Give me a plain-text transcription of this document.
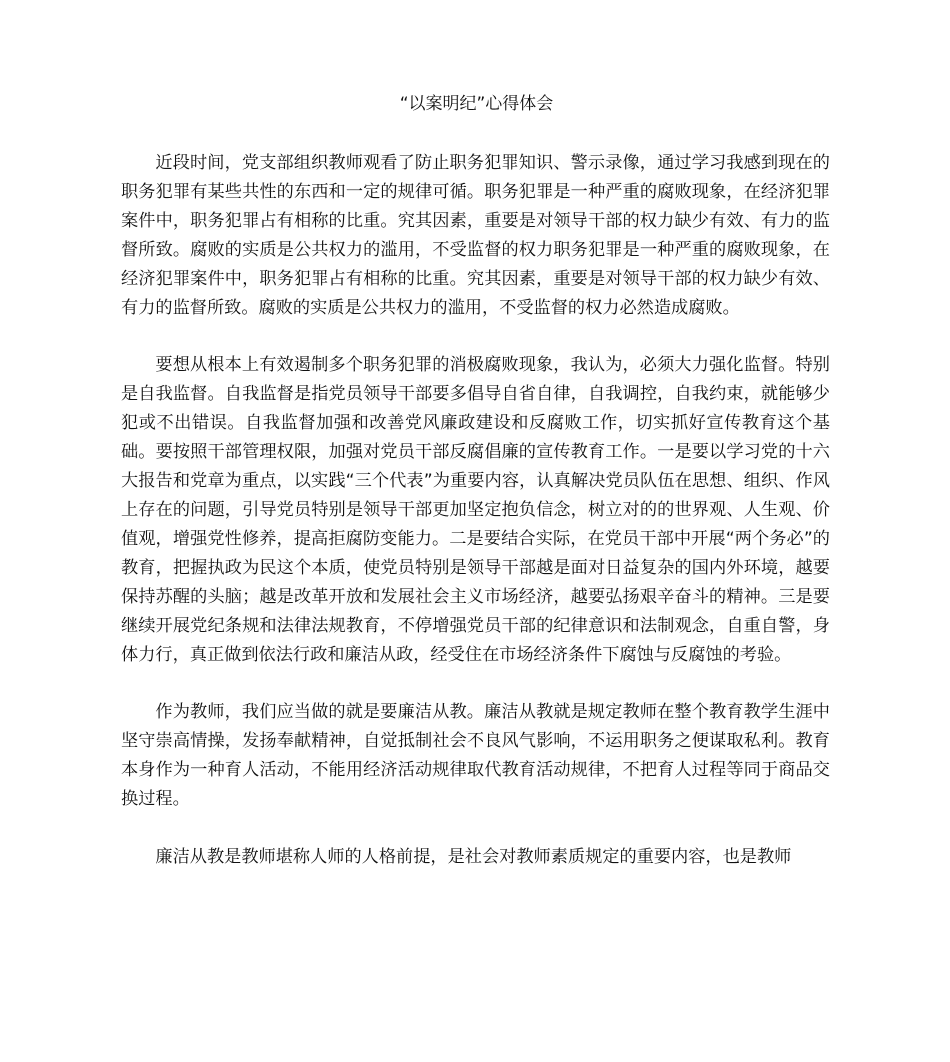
“以案明纪”心得体会

近段时间，党支部组织教师观看了防止职务犯罪知识、警示录像，通过学习我感到现在的职务犯罪有某些共性的东西和一定的规律可循。职务犯罪是一种严重的腐败现象，在经济犯罪案件中，职务犯罪占有相称的比重。究其因素，重要是对领导干部的权力缺少有效、有力的监督所致。腐败的实质是公共权力的滥用，不受监督的权力职务犯罪是一种严重的腐败现象，在经济犯罪案件中，职务犯罪占有相称的比重。究其因素，重要是对领导干部的权力缺少有效、有力的监督所致。腐败的实质是公共权力的滥用，不受监督的权力必然造成腐败。

要想从根本上有效遏制多个职务犯罪的消极腐败现象，我认为，必须大力强化监督。特别是自我监督。自我监督是指党员领导干部要多倡导自省自律，自我调控，自我约束，就能够少犯或不出错误。自我监督加强和改善党风廉政建设和反腐败工作，切实抓好宣传教育这个基础。要按照干部管理权限，加强对党员干部反腐倡廉的宣传教育工作。一是要以学习党的十六大报告和党章为重点，以实践“三个代表”为重要内容，认真解决党员队伍在思想、组织、作风上存在的问题，引导党员特别是领导干部更加坚定抱负信念，树立对的的世界观、人生观、价值观，增强党性修养，提高拒腐防变能力。二是要结合实际，在党员干部中开展“两个务必”的教育，把握执政为民这个本质，使党员特别是领导干部越是面对日益复杂的国内外环境，越要保持苏醒的头脑；越是改革开放和发展社会主义市场经济，越要弘扬艰辛奋斗的精神。三是要继续开展党纪条规和法律法规教育，不停增强党员干部的纪律意识和法制观念，自重自警，身体力行，真正做到依法行政和廉洁从政，经受住在市场经济条件下腐蚀与反腐蚀的考验。

作为教师，我们应当做的就是要廉洁从教。廉洁从教就是规定教师在整个教育教学生涯中坚守崇高情操，发扬奉献精神，自觉抵制社会不良风气影响，不运用职务之便谋取私利。教育本身作为一种育人活动，不能用经济活动规律取代教育活动规律，不把育人过程等同于商品交换过程。

廉洁从教是教师堪称人师的人格前提，是社会对教师素质规定的重要内容，也是教师
